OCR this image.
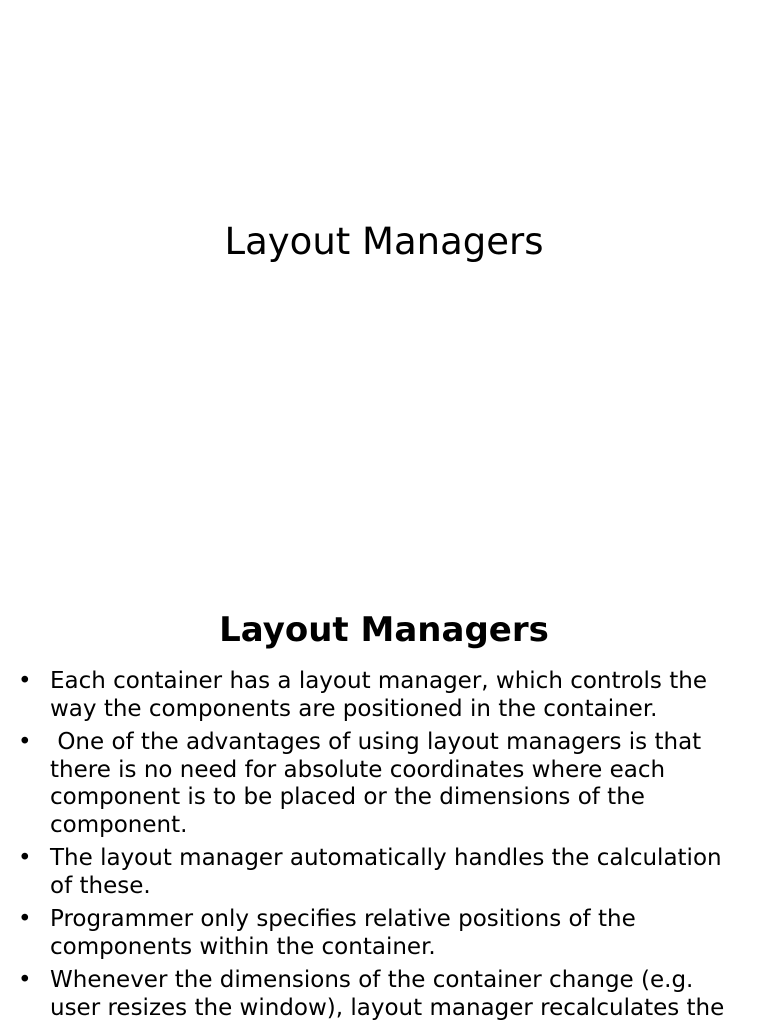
Layout Managers
Layout Managers
• Each container has a layout manager, which controls the way the components are positioned in the container.
• One of the advantages of using layout managers is that there is no need for absolute coordinates where each component is to be placed or the dimensions of the component.
• The layout manager automatically handles the calculation of these.
• Programmer only specifies relative positions of the components within the container.
• Whenever the dimensions of the container change (e.g. user resizes the window), layout manager recalculates the
